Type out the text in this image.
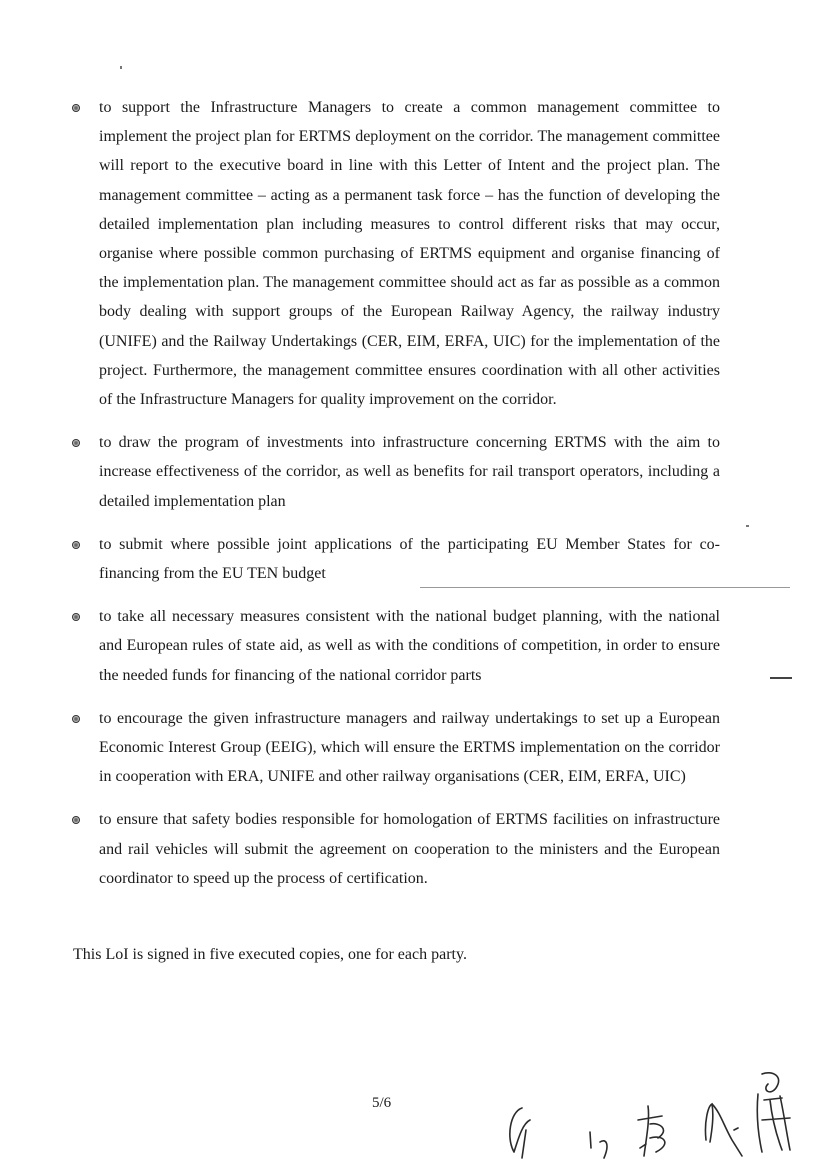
to support the Infrastructure Managers to create a common management committee to implement the project plan for ERTMS deployment on the corridor. The management committee will report to the executive board in line with this Letter of Intent and the project plan. The management committee – acting as a permanent task force – has the function of developing the detailed implementation plan including measures to control different risks that may occur, organise where possible common purchasing of ERTMS equipment and organise financing of the implementation plan. The management committee should act as far as possible as a common body dealing with support groups of the European Railway Agency, the railway industry (UNIFE) and the Railway Undertakings (CER, EIM, ERFA, UIC) for the implementation of the project. Furthermore, the management committee ensures coordination with all other activities of the Infrastructure Managers for quality improvement on the corridor.
to draw the program of investments into infrastructure concerning ERTMS with the aim to increase effectiveness of the corridor, as well as benefits for rail transport operators, including a detailed implementation plan
to submit where possible joint applications of the participating EU Member States for co-financing from the EU TEN budget
to take all necessary measures consistent with the national budget planning, with the national and European rules of state aid, as well as with the conditions of competition, in order to ensure the needed funds for financing of the national corridor parts
to encourage the given infrastructure managers and railway undertakings to set up a European Economic Interest Group (EEIG), which will ensure the ERTMS implementation on the corridor in cooperation with ERA, UNIFE and other railway organisations (CER, EIM, ERFA, UIC)
to ensure that safety bodies responsible for homologation of ERTMS facilities on infrastructure and rail vehicles will submit the agreement on cooperation to the ministers and the European coordinator to speed up the process of certification.
This LoI is signed in five executed copies, one for each party.
5/6
